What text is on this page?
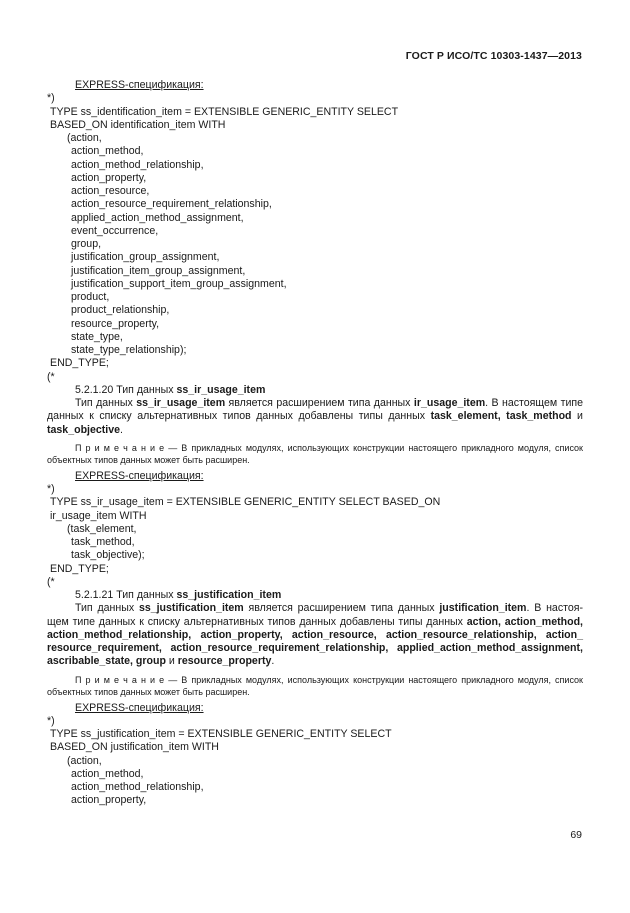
ГОСТ Р ИСО/ТС 10303-1437—2013
EXPRESS-спецификация:
*)
TYPE ss_identification_item = EXTENSIBLE GENERIC_ENTITY SELECT
BASED_ON identification_item WITH
(action,
action_method,
action_method_relationship,
action_property,
action_resource,
action_resource_requirement_relationship,
applied_action_method_assignment,
event_occurrence,
group,
justification_group_assignment,
justification_item_group_assignment,
justification_support_item_group_assignment,
product,
product_relationship,
resource_property,
state_type,
state_type_relationship);
END_TYPE;
(*
5.2.1.20 Тип данных ss_ir_usage_item
Тип данных ss_ir_usage_item является расширением типа данных ir_usage_item. В настоящем типе данных к списку альтернативных типов данных добавлены типы данных task_element, task_method и task_objective.
П р и м е ч а н и е — В прикладных модулях, использующих конструкции настоящего прикладного модуля, список объектных типов данных может быть расширен.
EXPRESS-спецификация:
*)
TYPE ss_ir_usage_item = EXTENSIBLE GENERIC_ENTITY SELECT BASED_ON
ir_usage_item WITH
(task_element,
task_method,
task_objective);
END_TYPE;
(*
5.2.1.21 Тип данных ss_justification_item
Тип данных ss_justification_item является расширением типа данных justification_item. В настоя-щем типе данных к списку альтернативных типов данных добавлены типы данных action, action_method, action_method_relationship, action_property, action_resource, action_resource_relationship, action_ resource_requirement, action_resource_requirement_relationship, applied_action_method_assignment, ascribable_state, group и resource_property.
П р и м е ч а н и е — В прикладных модулях, использующих конструкции настоящего прикладного модуля, список объектных типов данных может быть расширен.
EXPRESS-спецификация:
*)
TYPE ss_justification_item = EXTENSIBLE GENERIC_ENTITY SELECT
BASED_ON justification_item WITH
(action,
action_method,
action_method_relationship,
action_property,
69
